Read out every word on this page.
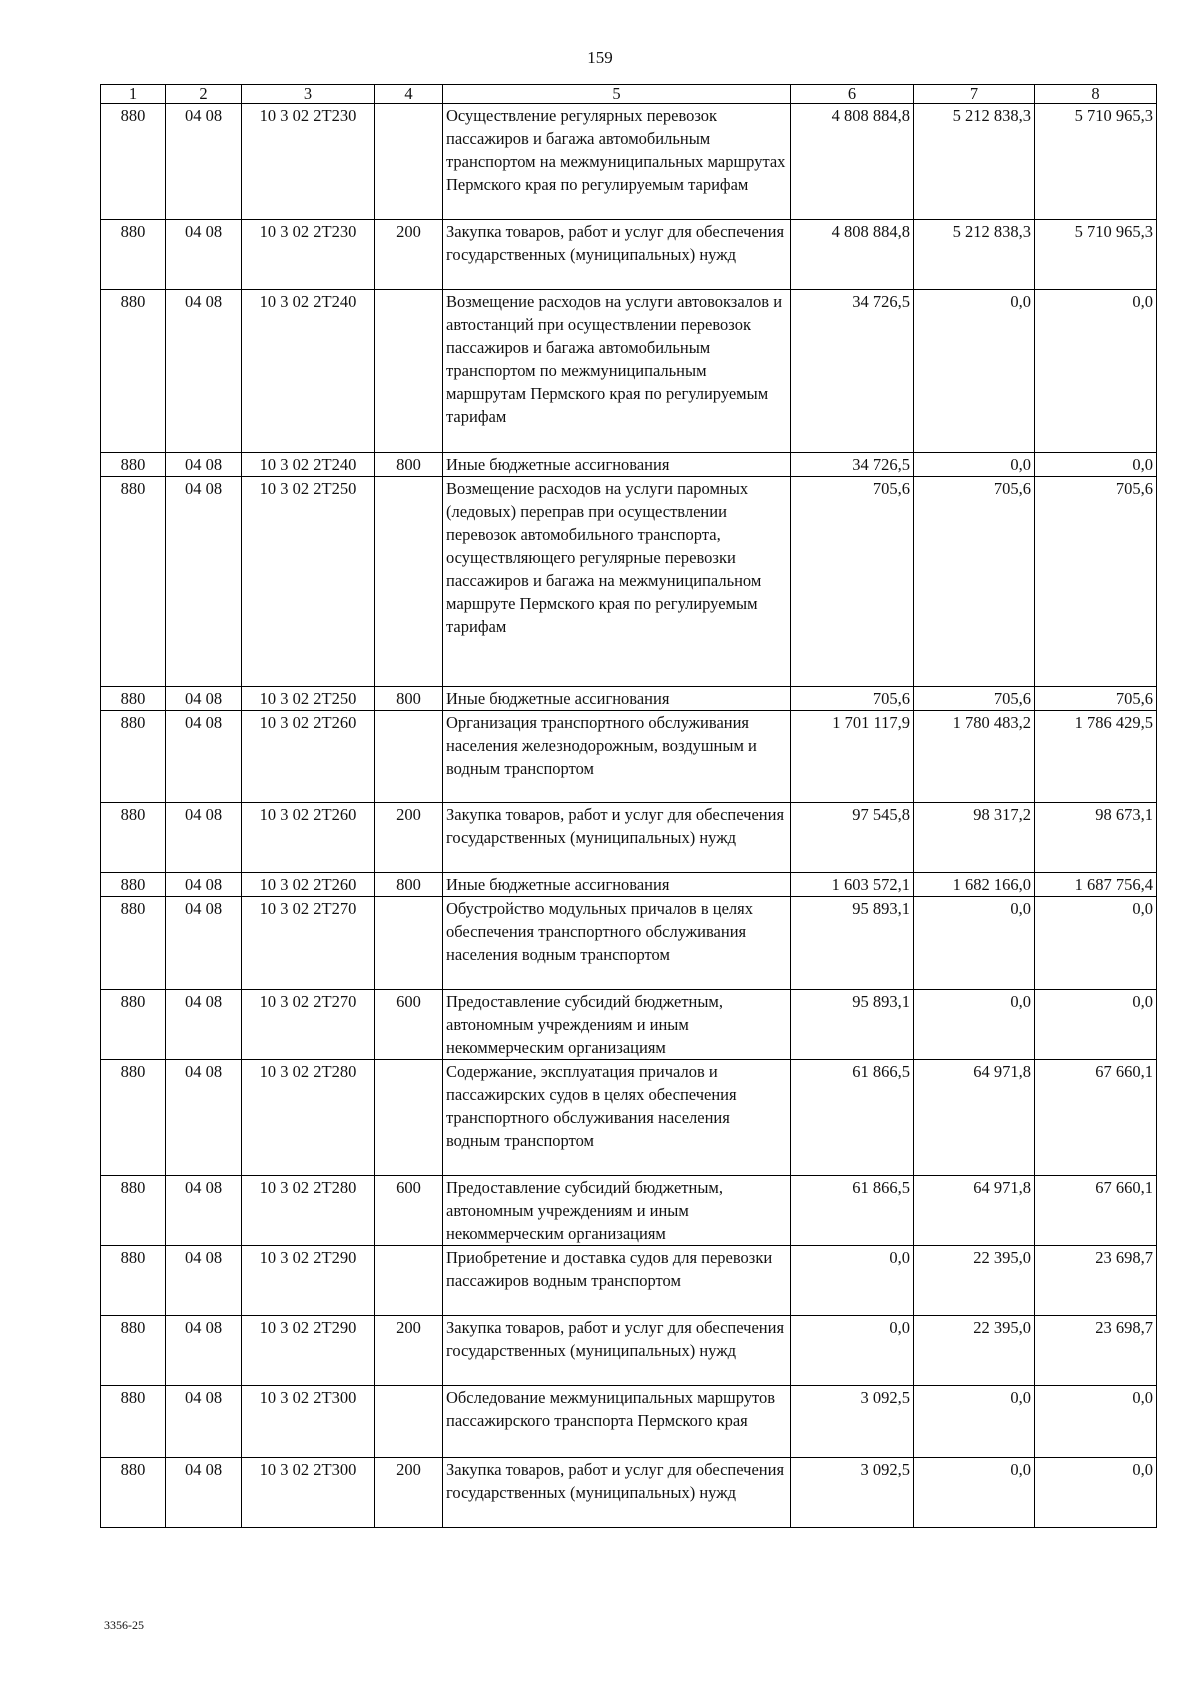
159
1	2	3	4	5	6	7	8
880	04 08	10 3 02 2Т230		Осуществление регулярных перевозок пассажиров и багажа автомобильным транспортом на межмуниципальных маршрутах Пермского края по регулируемым тарифам	4 808 884,8	5 212 838,3	5 710 965,3
880	04 08	10 3 02 2Т230	200	Закупка товаров, работ и услуг для обеспечения государственных (муниципальных) нужд	4 808 884,8	5 212 838,3	5 710 965,3
880	04 08	10 3 02 2Т240		Возмещение расходов на услуги автовокзалов и автостанций при осуществлении перевозок пассажиров и багажа автомобильным транспортом по межмуниципальным маршрутам Пермского края по регулируемым тарифам	34 726,5	0,0	0,0
880	04 08	10 3 02 2Т240	800	Иные бюджетные ассигнования	34 726,5	0,0	0,0
880	04 08	10 3 02 2Т250		Возмещение расходов на услуги паромных (ледовых) переправ при осуществлении перевозок автомобильного транспорта, осуществляющего регулярные перевозки пассажиров и багажа на межмуниципальном маршруте Пермского края по регулируемым тарифам	705,6	705,6	705,6
880	04 08	10 3 02 2Т250	800	Иные бюджетные ассигнования	705,6	705,6	705,6
880	04 08	10 3 02 2Т260		Организация транспортного обслуживания населения железнодорожным, воздушным и водным транспортом	1 701 117,9	1 780 483,2	1 786 429,5
880	04 08	10 3 02 2Т260	200	Закупка товаров, работ и услуг для обеспечения государственных (муниципальных) нужд	97 545,8	98 317,2	98 673,1
880	04 08	10 3 02 2Т260	800	Иные бюджетные ассигнования	1 603 572,1	1 682 166,0	1 687 756,4
880	04 08	10 3 02 2Т270		Обустройство модульных причалов в целях обеспечения транспортного обслуживания населения водным транспортом	95 893,1	0,0	0,0
880	04 08	10 3 02 2Т270	600	Предоставление субсидий бюджетным, автономным учреждениям и иным некоммерческим организациям	95 893,1	0,0	0,0
880	04 08	10 3 02 2Т280		Содержание, эксплуатация причалов и пассажирских судов в целях обеспечения транспортного обслуживания населения водным транспортом	61 866,5	64 971,8	67 660,1
880	04 08	10 3 02 2Т280	600	Предоставление субсидий бюджетным, автономным учреждениям и иным некоммерческим организациям	61 866,5	64 971,8	67 660,1
880	04 08	10 3 02 2Т290		Приобретение и доставка судов для перевозки пассажиров водным транспортом	0,0	22 395,0	23 698,7
880	04 08	10 3 02 2Т290	200	Закупка товаров, работ и услуг для обеспечения государственных (муниципальных) нужд	0,0	22 395,0	23 698,7
880	04 08	10 3 02 2Т300		Обследование межмуниципальных маршрутов пассажирского транспорта Пермского края	3 092,5	0,0	0,0
880	04 08	10 3 02 2Т300	200	Закупка товаров, работ и услуг для обеспечения государственных (муниципальных) нужд	3 092,5	0,0	0,0
3356-25
